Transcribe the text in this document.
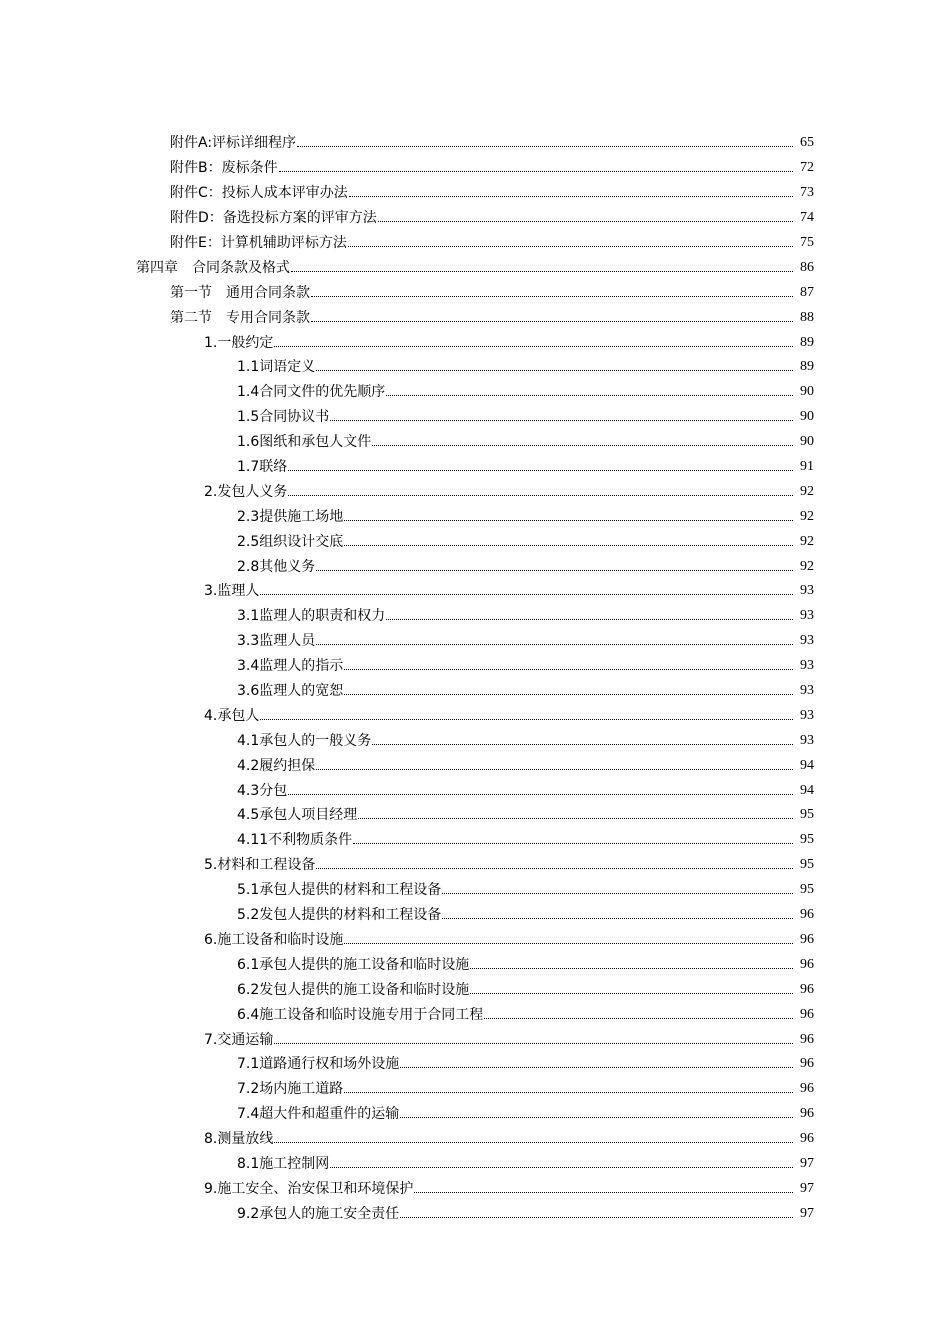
附件A:评标详细程序	65
附件B：废标条件	72
附件C：投标人成本评审办法	73
附件D：备选投标方案的评审方法	74
附件E：计算机辅助评标方法	75
第四章　合同条款及格式	86
第一节　通用合同条款	87
第二节　专用合同条款	88
1.一般约定	89
1.1词语定义	89
1.4合同文件的优先顺序	90
1.5合同协议书	90
1.6图纸和承包人文件	90
1.7联络	91
2.发包人义务	92
2.3提供施工场地	92
2.5组织设计交底	92
2.8其他义务	92
3.监理人	93
3.1监理人的职责和权力	93
3.3监理人员	93
3.4监理人的指示	93
3.6监理人的宽恕	93
4.承包人	93
4.1承包人的一般义务	93
4.2履约担保	94
4.3分包	94
4.5承包人项目经理	95
4.11不利物质条件	95
5.材料和工程设备	95
5.1承包人提供的材料和工程设备	95
5.2发包人提供的材料和工程设备	96
6.施工设备和临时设施	96
6.1承包人提供的施工设备和临时设施	96
6.2发包人提供的施工设备和临时设施	96
6.4施工设备和临时设施专用于合同工程	96
7.交通运输	96
7.1道路通行权和场外设施	96
7.2场内施工道路	96
7.4超大件和超重件的运输	96
8.测量放线	96
8.1施工控制网	97
9.施工安全、治安保卫和环境保护	97
9.2承包人的施工安全责任	97
